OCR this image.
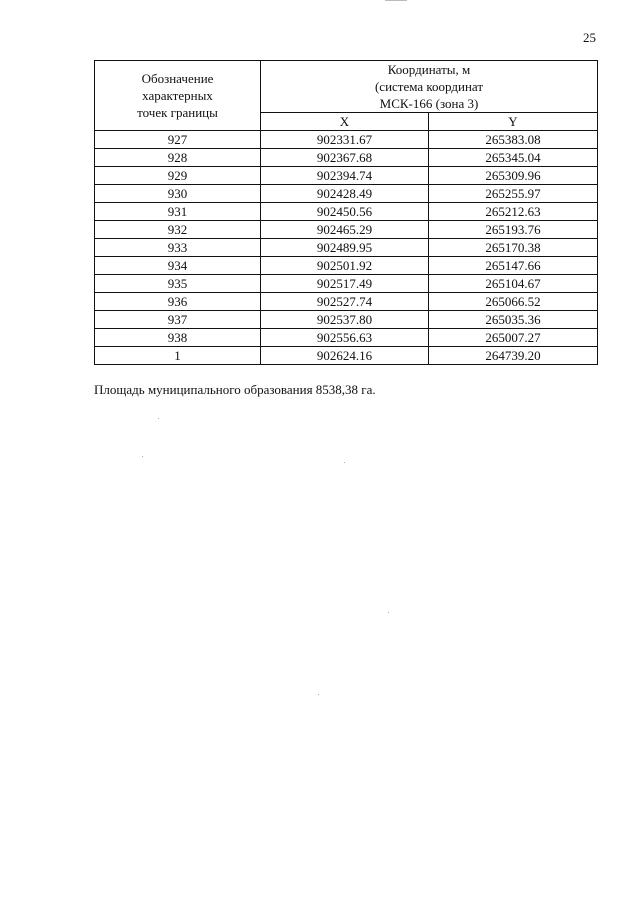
25
Обозначение
характерных
точек границы	Координаты, м
(система координат
МСК-166 (зона 3)	
	X	Y
927	902331.67	265383.08
928	902367.68	265345.04
929	902394.74	265309.96
930	902428.49	265255.97
931	902450.56	265212.63
932	902465.29	265193.76
933	902489.95	265170.38
934	902501.92	265147.66
935	902517.49	265104.67
936	902527.74	265066.52
937	902537.80	265035.36
938	902556.63	265007.27
1	902624.16	264739.20
Площадь муниципального образования 8538,38 га.
